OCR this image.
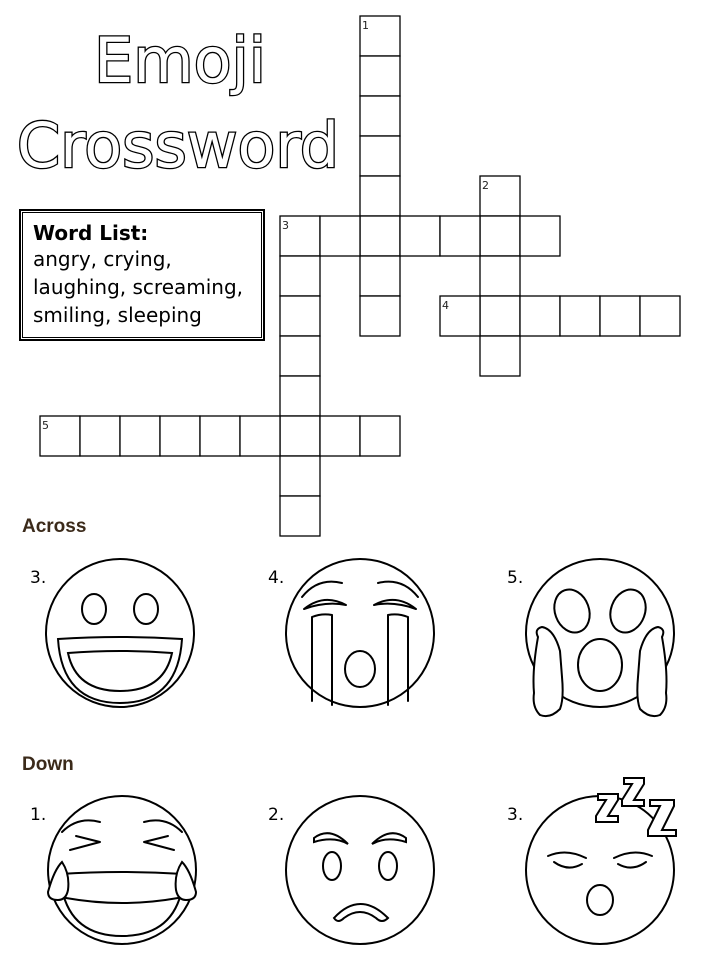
Emoji
Crossword
Word List:
angry, crying, laughing, screaming, smiling, sleeping
1
2
3
4
5
Across
Down
3.	4.	5.
1.	2.	3.
